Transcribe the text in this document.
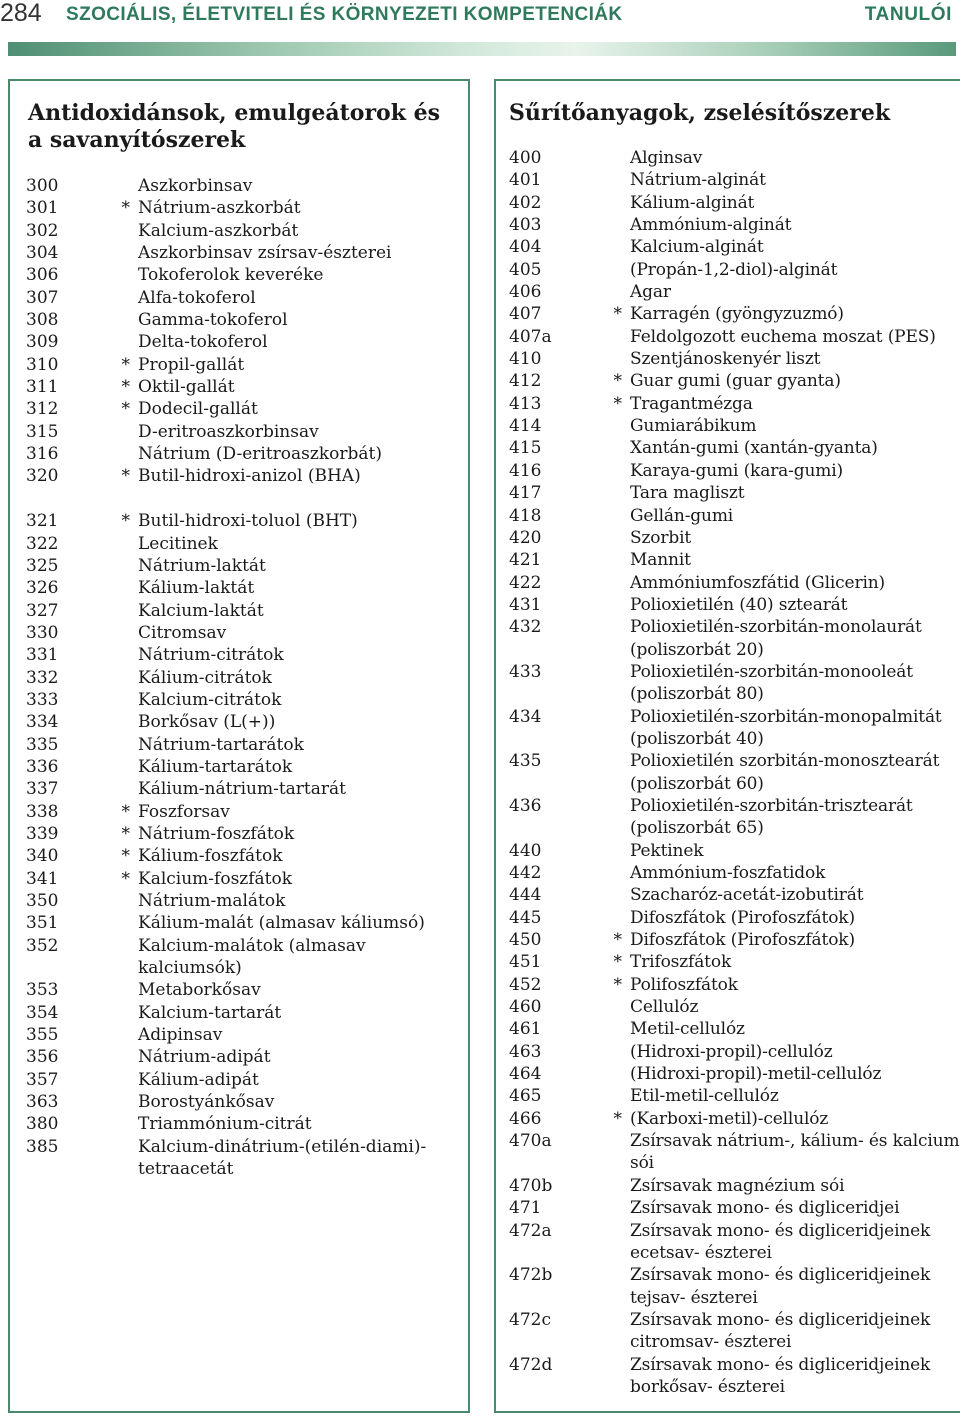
284 SZOCIÁLIS, ÉLETVITELI ÉS KÖRNYEZETI KOMPETENCIÁK	TANULÓI
Antidoxidánsok, emulgeátorok és a savanyítószerek
300	Aszkorbinsav
301	* Nátrium-aszkorbát
302	Kalcium-aszkorbát
304	Aszkorbinsav zsírsav-észterei
306	Tokoferolok keveréke
307	Alfa-tokoferol
308	Gamma-tokoferol
309	Delta-tokoferol
310	* Propil-gallát
311	* Oktil-gallát
312	* Dodecil-gallát
315	D-eritroaszkorbinsav
316	Nátrium (D-eritroaszkorbát)
320	* Butil-hidroxi-anizol (BHA)
321	* Butil-hidroxi-toluol (BHT)
322	Lecitinek
325	Nátrium-laktát
326	Kálium-laktát
327	Kalcium-laktát
330	Citromsav
331	Nátrium-citrátok
332	Kálium-citrátok
333	Kalcium-citrátok
334	Borkősav (L(+))
335	Nátrium-tartarátok
336	Kálium-tartarátok
337	Kálium-nátrium-tartarát
338	* Foszforsav
339	* Nátrium-foszfátok
340	* Kálium-foszfátok
341	* Kalcium-foszfátok
350	Nátrium-malátok
351	Kálium-malát (almasav káliumsó)
352	Kalcium-malátok (almasav kalciumsók)
353	Metaborkősav
354	Kalcium-tartarát
355	Adipinsav
356	Nátrium-adipát
357	Kálium-adipát
363	Borostyánkősav
380	Triammónium-citrát
385	Kalcium-dinátrium-(etilén-diami)-tetraacetát
Sűrítőanyagok, zselésítőszerek
400	Alginsav
401	Nátrium-alginát
402	Kálium-alginát
403	Ammónium-alginát
404	Kalcium-alginát
405	(Propán-1,2-diol)-alginát
406	Agar
407	* Karragén (gyöngyzuzmó)
407a	Feldolgozott euchema moszat (PES)
410	Szentjánoskenyér liszt
412	* Guar gumi (guar gyanta)
413	* Tragantmézga
414	Gumiarábikum
415	Xantán-gumi (xantán-gyanta)
416	Karaya-gumi (kara-gumi)
417	Tara magliszt
418	Gellán-gumi
420	Szorbit
421	Mannit
422	Ammóniumfoszfátid (Glicerin)
431	Polioxietilén (40) sztearát
432	Polioxietilén-szorbitán-monolaurát (poliszorbát 20)
433	Polioxietilén-szorbitán-monooleát (poliszorbát 80)
434	Polioxietilén-szorbitán-monopalmitát (poliszorbát 40)
435	Polioxietilén szorbitán-monosztearát (poliszorbát 60)
436	Polioxietilén-szorbitán-trisztearát (poliszorbát 65)
440	Pektinek
442	Ammónium-foszfatidok
444	Szacharóz-acetát-izobutirát
445	Difoszfátok (Pirofoszfátok)
450	* Difoszfátok (Pirofoszfátok)
451	* Trifoszfátok
452	* Polifoszfátok
460	Cellulóz
461	Metil-cellulóz
463	(Hidroxi-propil)-cellulóz
464	(Hidroxi-propil)-metil-cellulóz
465	Etil-metil-cellulóz
466	* (Karboxi-metil)-cellulóz
470a	Zsírsavak nátrium-, kálium- és kalcium sói
470b	Zsírsavak magnézium sói
471	Zsírsavak mono- és digliceridjei
472a	Zsírsavak mono- és digliceridjeinek ecetsav- észterei
472b	Zsírsavak mono- és digliceridjeinek tejsav- észterei
472c	Zsírsavak mono- és digliceridjeinek citromsav- észterei
472d	Zsírsavak mono- és digliceridjeinek borkősav- észterei
